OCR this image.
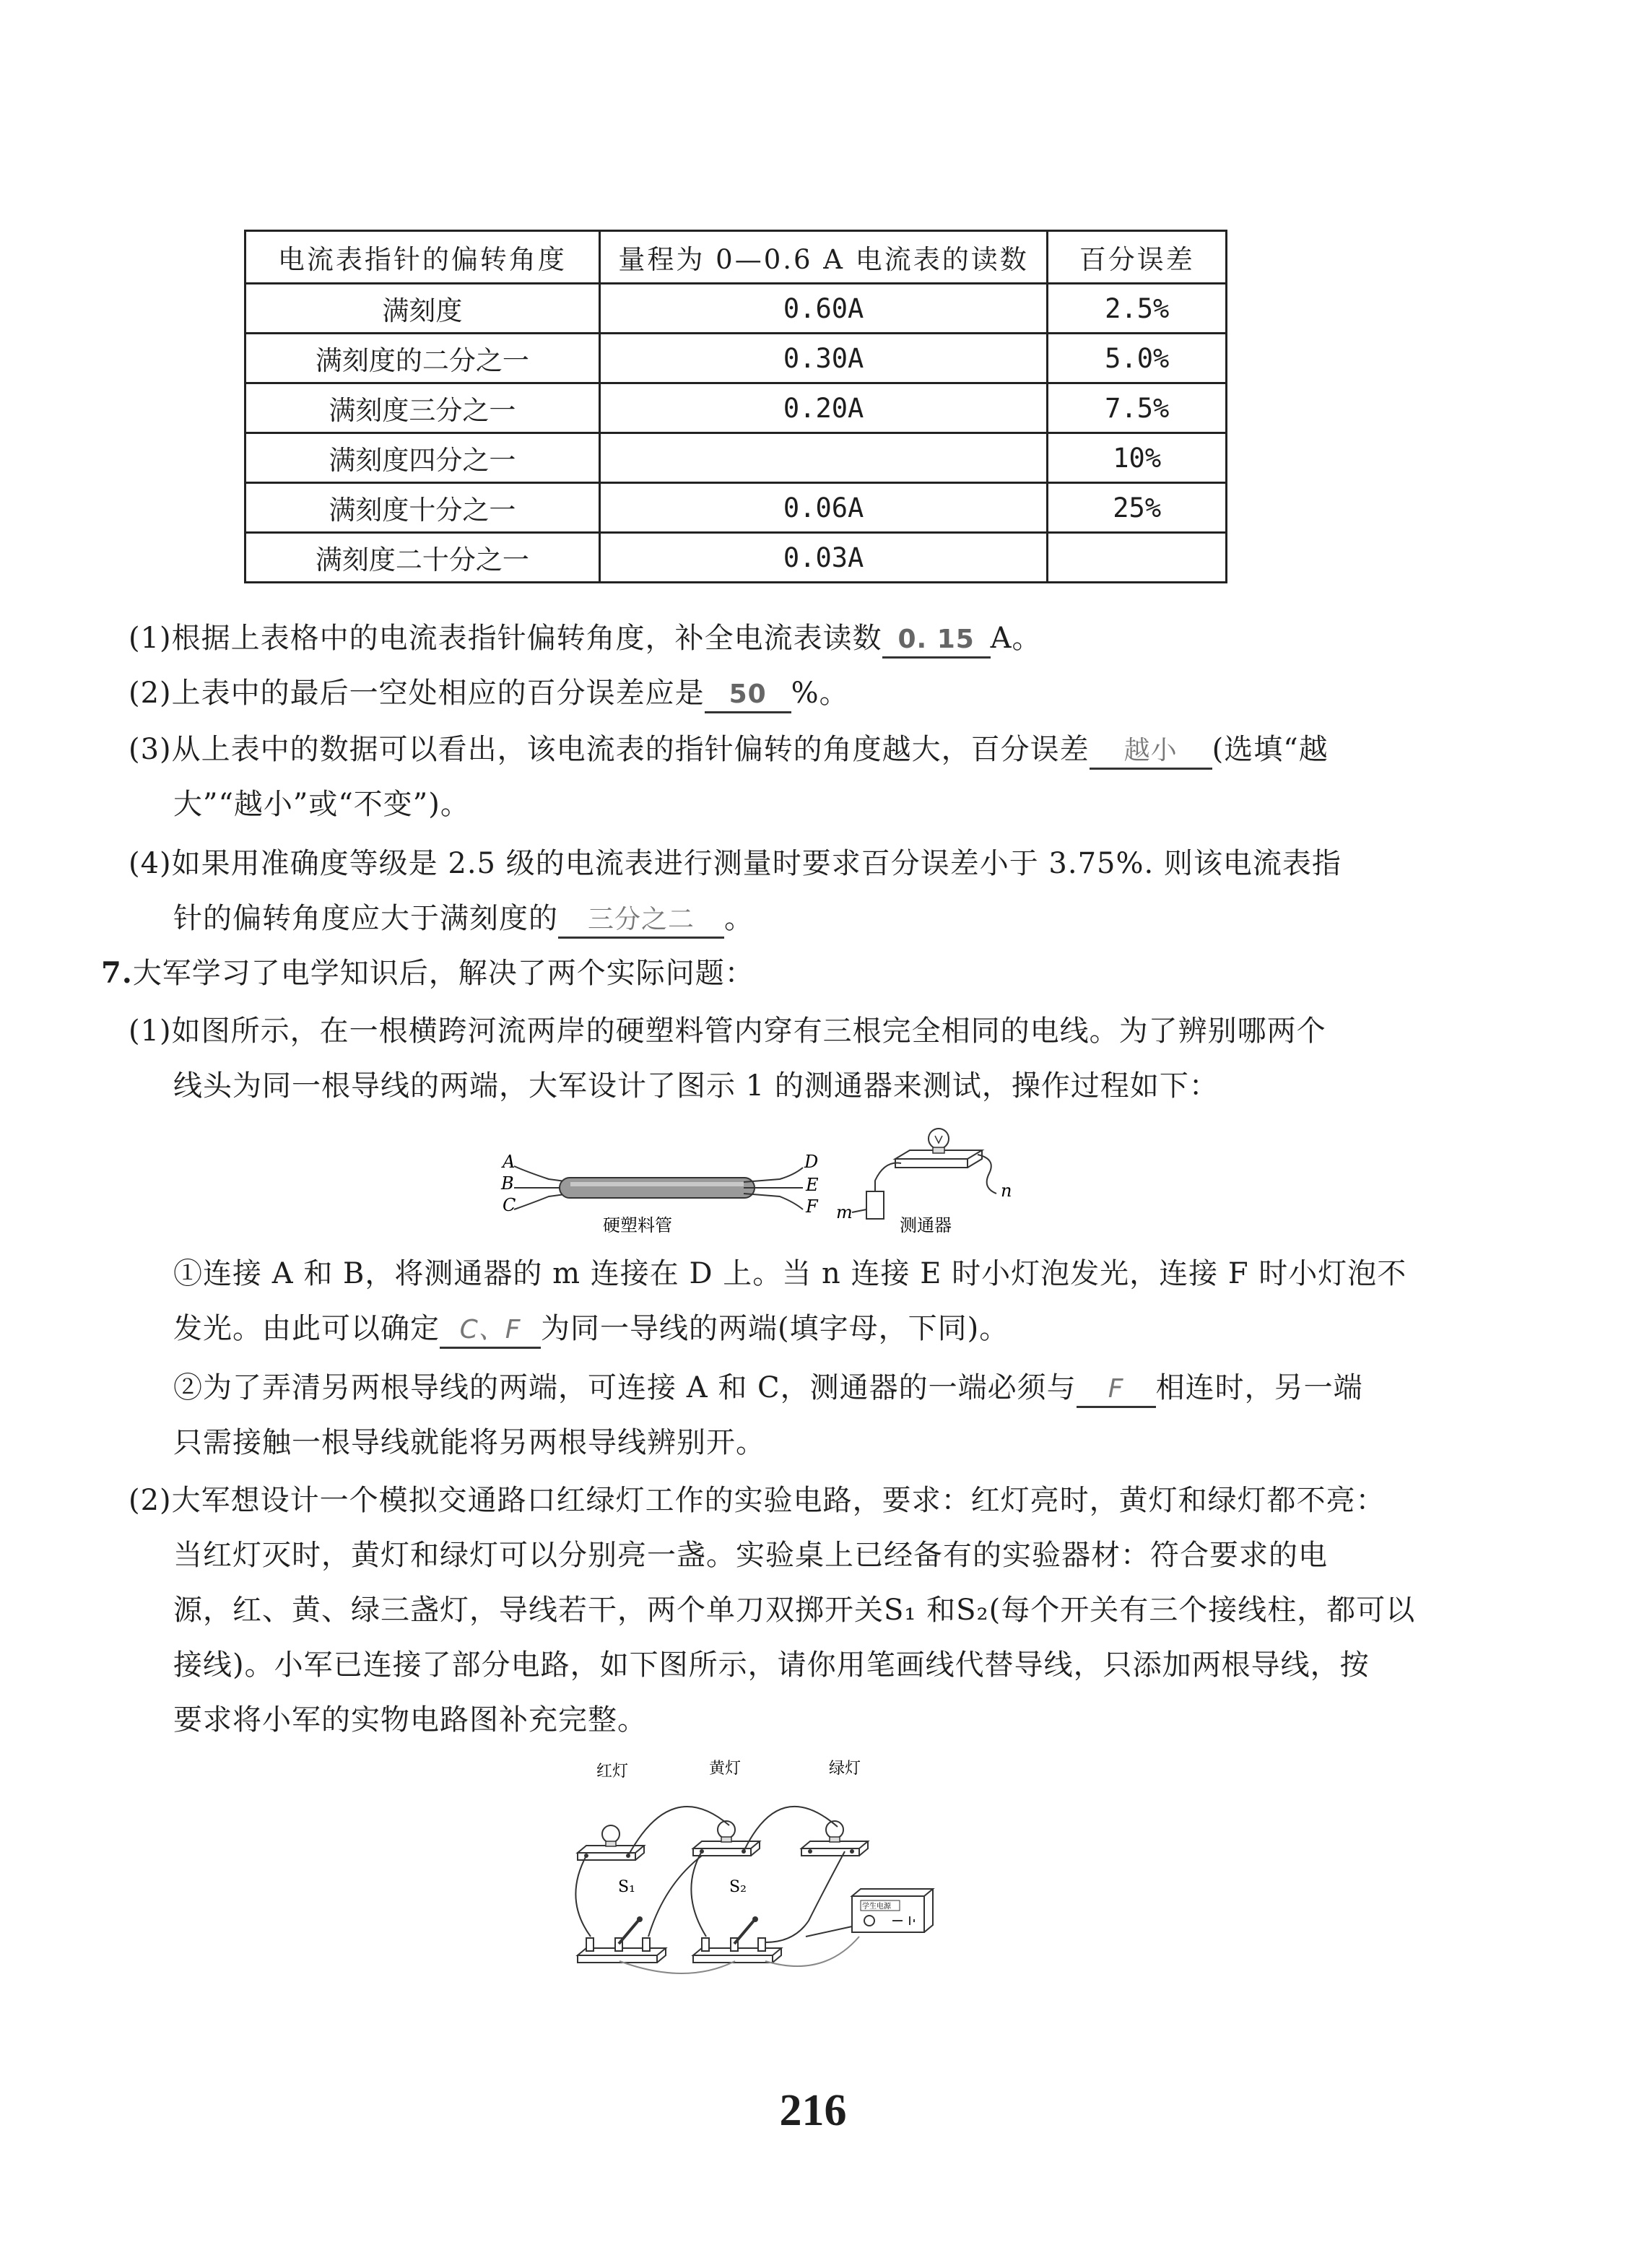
电流表指针的偏转角度	量程为 0—0.6 A 电流表的读数	百分误差
满刻度	0.60A	2.5%
满刻度的二分之一	0.30A	5.0%
满刻度三分之一	0.20A	7.5%
满刻度四分之一		10%
满刻度十分之一	0.06A	25%
满刻度二十分之一	0.03A	
(1)根据上表格中的电流表指针偏转角度，补全电流表读数 0. 15 A。
(2)上表中的最后一空处相应的百分误差应是 50 %。
(3)从上表中的数据可以看出，该电流表的指针偏转的角度越大，百分误差 越小 (选填“越
大”“越小”或“不变”)。
(4)如果用准确度等级是 2.5 级的电流表进行测量时要求百分误差小于 3.75%. 则该电流表指
针的偏转角度应大于满刻度的 三分之二 。
7.大军学习了电学知识后，解决了两个实际问题：
(1)如图所示，在一根横跨河流两岸的硬塑料管内穿有三根完全相同的电线。为了辨别哪两个
线头为同一根导线的两端，大军设计了图示 1 的测通器来测试，操作过程如下：
A
B
C
D
E
F
硬塑料管
m
n
测通器
①连接 A 和 B，将测通器的 m 连接在 D 上。当 n 连接 E 时小灯泡发光，连接 F 时小灯泡不
发光。由此可以确定 C、F 为同一导线的两端(填字母，下同)。
②为了弄清另两根导线的两端，可连接 A 和 C，测通器的一端必须与 F 相连时，另一端
只需接触一根导线就能将另两根导线辨别开。
(2)大军想设计一个模拟交通路口红绿灯工作的实验电路，要求：红灯亮时，黄灯和绿灯都不亮：
当红灯灭时，黄灯和绿灯可以分别亮一盏。实验桌上已经备有的实验器材：符合要求的电
源，红、黄、绿三盏灯，导线若干，两个单刀双掷开关S₁ 和S₂(每个开关有三个接线柱，都可以
接线)。小军已连接了部分电路，如下图所示，请你用笔画线代替导线，只添加两根导线，按
要求将小军的实物电路图补充完整。
红灯	黄灯	绿灯
S₁	S₂
学生电源
216
